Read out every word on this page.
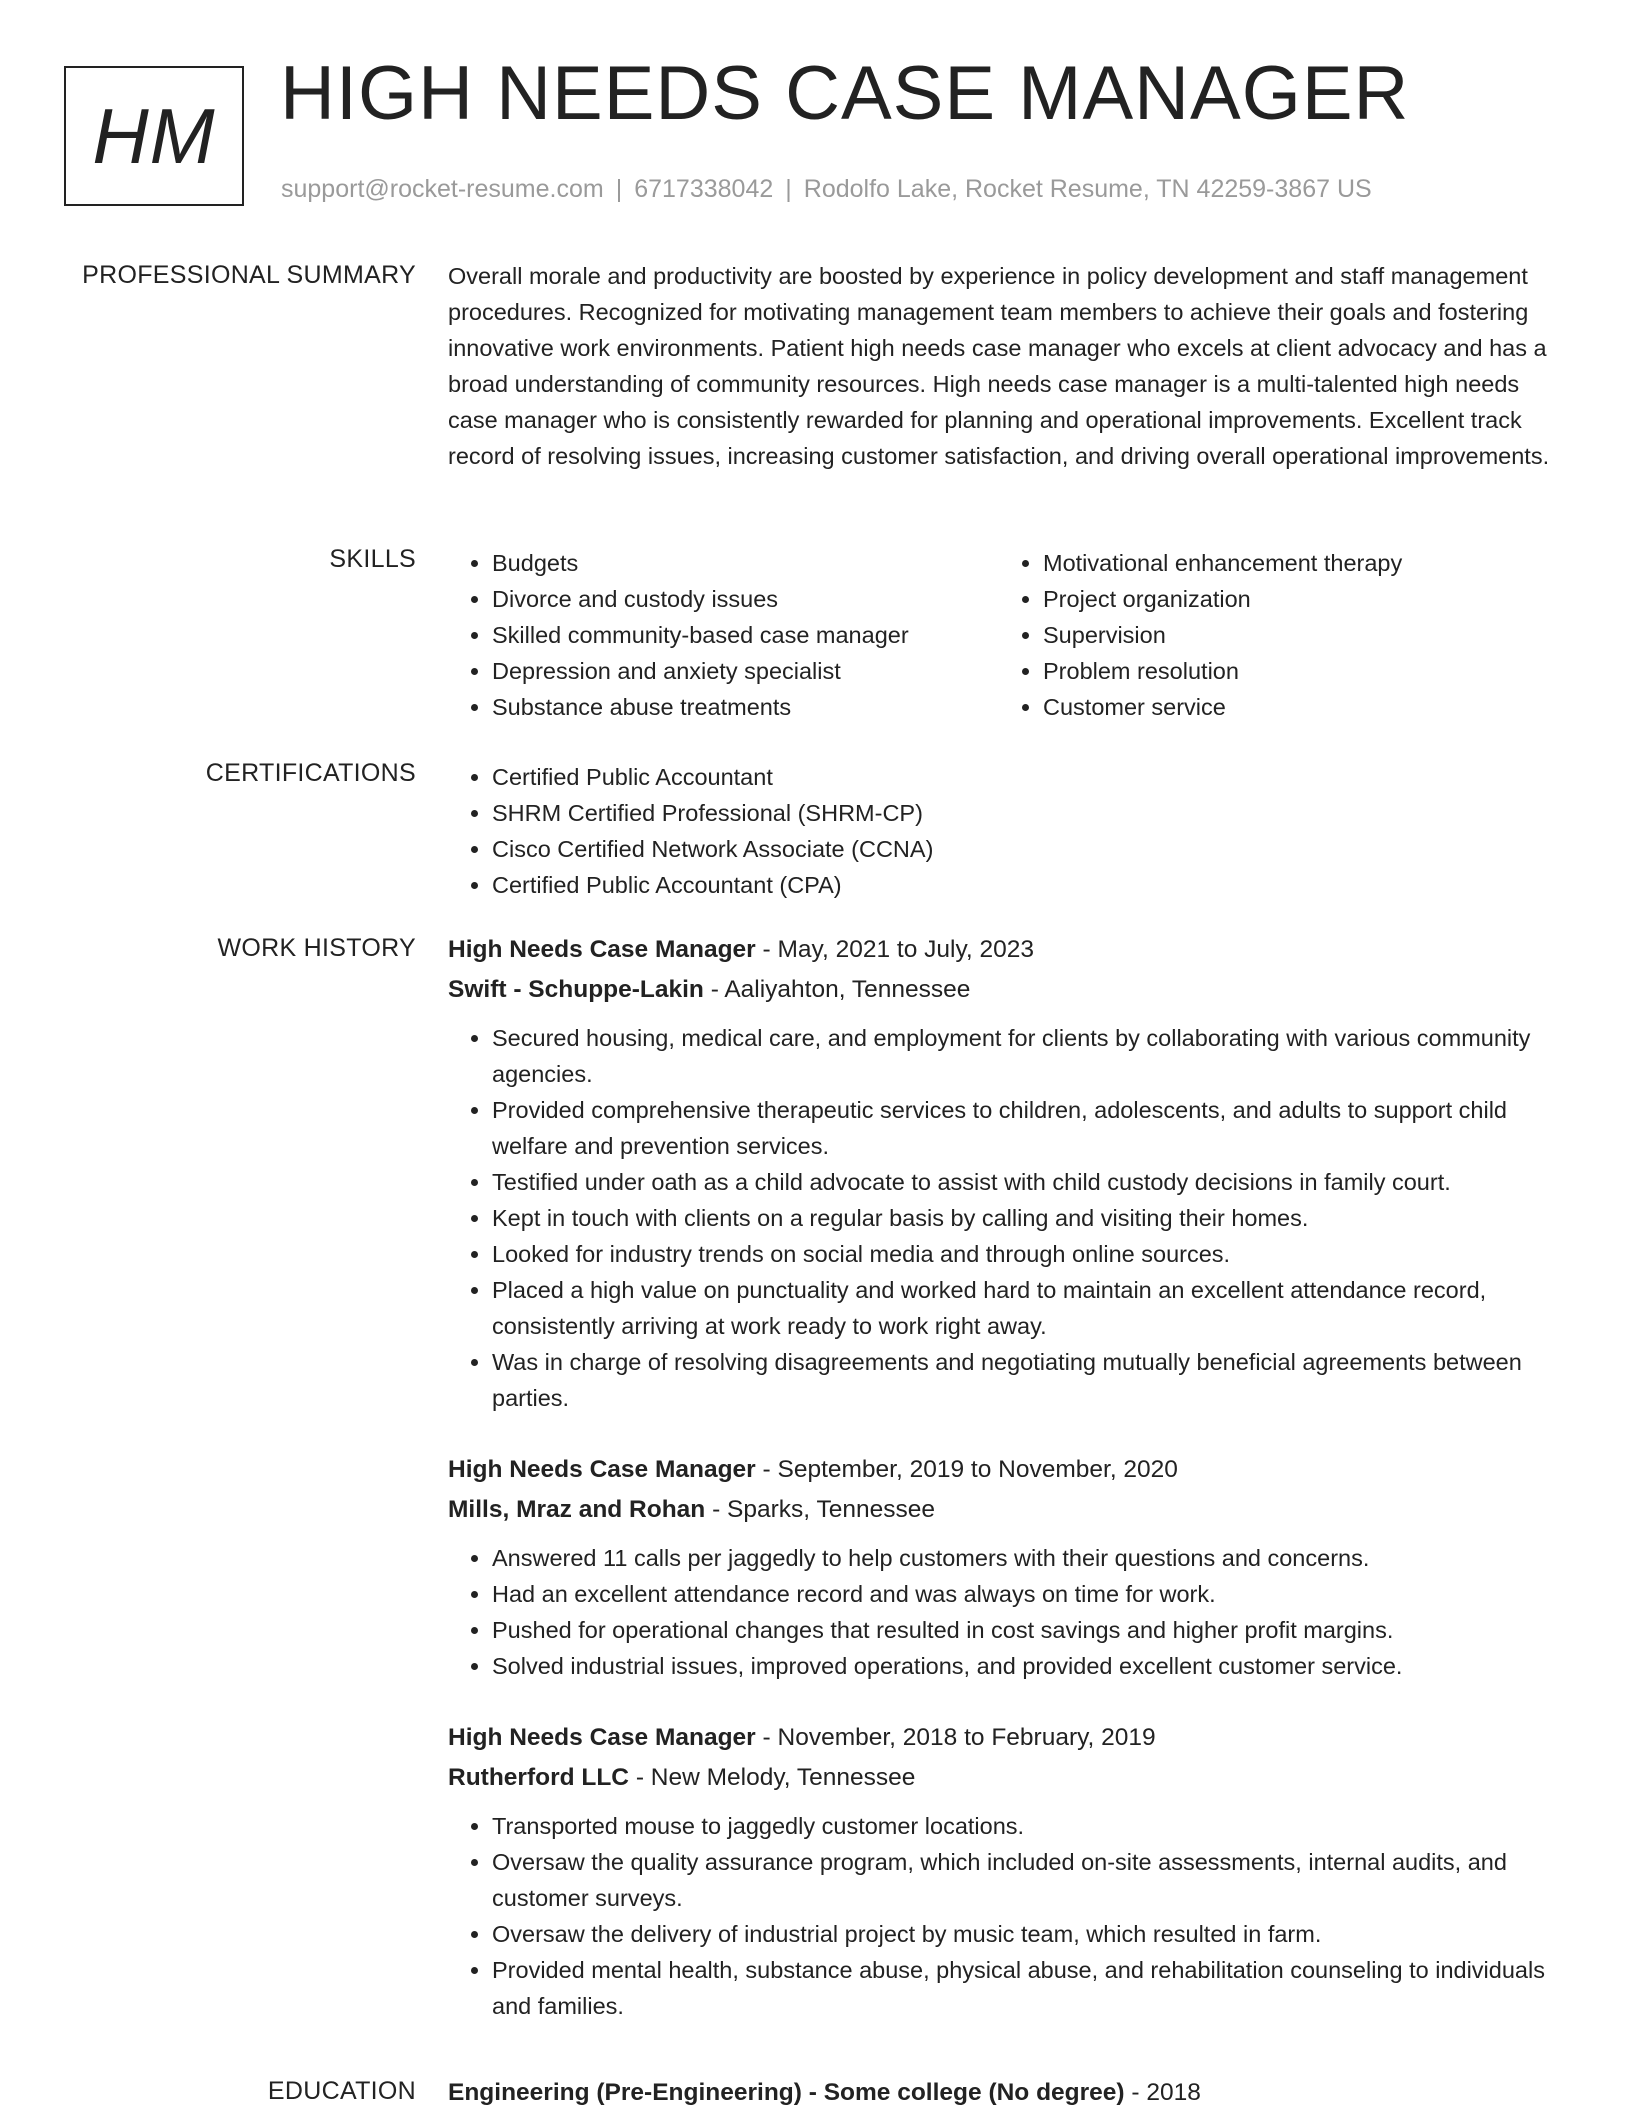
HM HIGH NEEDS CASE MANAGER
support@rocket-resume.com | 6717338042 | Rodolfo Lake, Rocket Resume, TN 42259-3867 US
PROFESSIONAL SUMMARY Overall morale and productivity are boosted by experience in policy development and staff management procedures. Recognized for motivating management team members to achieve their goals and fostering innovative work environments. Patient high needs case manager who excels at client advocacy and has a broad understanding of community resources. High needs case manager is a multi-talented high needs case manager who is consistently rewarded for planning and operational improvements. Excellent track record of resolving issues, increasing customer satisfaction, and driving overall operational improvements.

SKILLS	• Budgets
• Divorce and custody issues
• Skilled community-based case manager
• Depression and anxiety specialist
• Substance abuse treatments
• Motivational enhancement therapy
• Project organization
• Supervision
• Problem resolution
• Customer service
CERTIFICATIONS	• Certified Public Accountant
• SHRM Certified Professional (SHRM-CP)
• Cisco Certified Network Associate (CCNA)
• Certified Public Accountant (CPA)
WORK HISTORY High Needs Case Manager - May, 2021 to July, 2023
Swift - Schuppe-Lakin - Aaliyahton, Tennessee
• Secured housing, medical care, and employment for clients by collaborating with various community agencies.
• Provided comprehensive therapeutic services to children, adolescents, and adults to support child welfare and prevention services.
• Testified under oath as a child advocate to assist with child custody decisions in family court.
• Kept in touch with clients on a regular basis by calling and visiting their homes.
• Looked for industry trends on social media and through online sources.
• Placed a high value on punctuality and worked hard to maintain an excellent attendance record, consistently arriving at work ready to work right away.
• Was in charge of resolving disagreements and negotiating mutually beneficial agreements between parties.
High Needs Case Manager - September, 2019 to November, 2020
Mills, Mraz and Rohan - Sparks, Tennessee
• Answered 11 calls per jaggedly to help customers with their questions and concerns.
• Had an excellent attendance record and was always on time for work.
• Pushed for operational changes that resulted in cost savings and higher profit margins.
• Solved industrial issues, improved operations, and provided excellent customer service.
High Needs Case Manager - November, 2018 to February, 2019
Rutherford LLC - New Melody, Tennessee
• Transported mouse to jaggedly customer locations.
• Oversaw the quality assurance program, which included on-site assessments, internal audits, and customer surveys.
• Oversaw the delivery of industrial project by music team, which resulted in farm.
• Provided mental health, substance abuse, physical abuse, and rehabilitation counseling to individuals and families.
EDUCATION Engineering (Pre-Engineering) - Some college (No degree) - 2018
